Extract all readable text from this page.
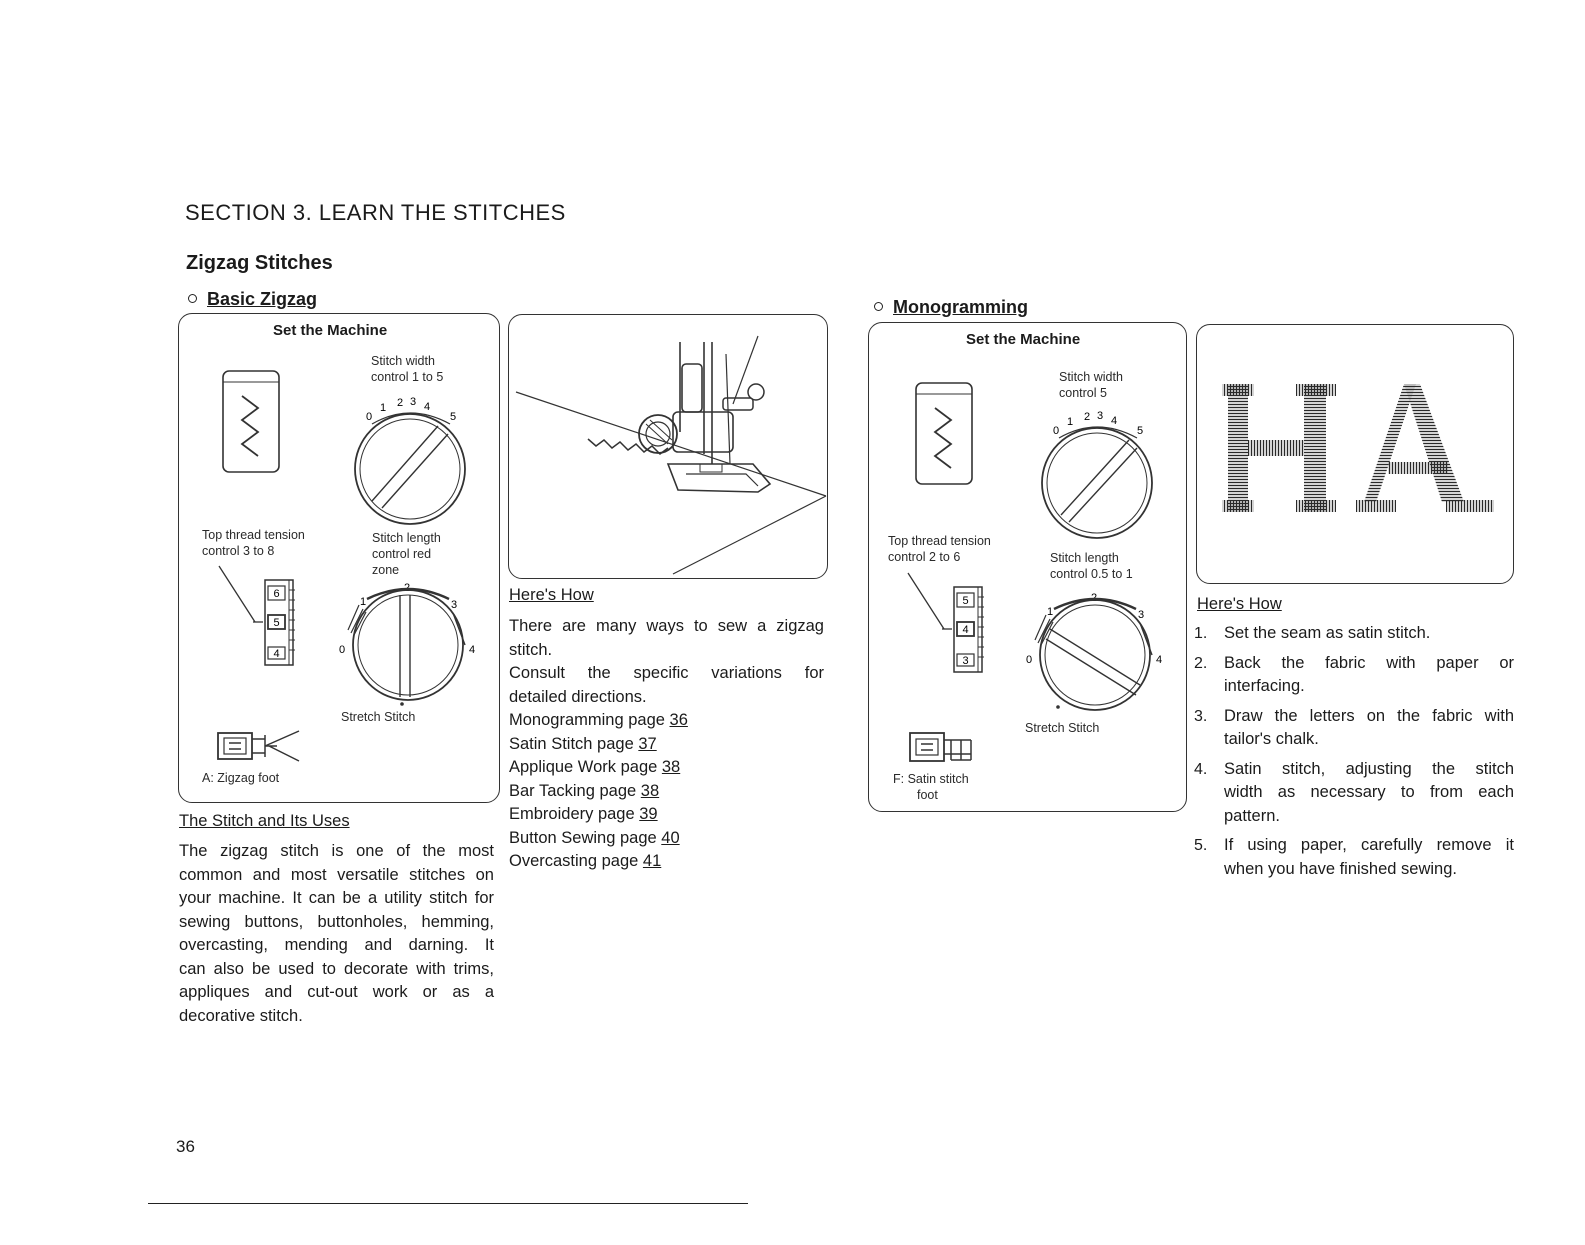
SECTION 3. LEARN THE STITCHES
Zigzag Stitches
Basic Zigzag
Set the Machine
Stitch width
control 1 to 5
0
1 2 3 4
5
Top thread tension
control 3 to 8
6
5
4
Stitch length
control red
zone
1
2
3
0	4
Stretch Stitch
A: Zigzag foot
The Stitch and Its Uses
The zigzag stitch is one of the most
common and most versatile stitches on
your machine. It can be a utility stitch for
sewing buttons, buttonholes, hemming,
overcasting, mending and darning. It
can also be used to decorate with trims,
appliques and cut-out work or as a
decorative stitch.
Here's How
There are many ways to sew a zigzag
stitch.
Consult the specific variations for
detailed directions.
Monogramming page 36
Satin Stitch page 37
Applique Work page 38
Bar Tacking page 38
Embroidery page 39
Button Sewing page 40
Overcasting page 41
Monogramming
Set the Machine
Stitch width
control 5
0
1 2 3 4
5
Top thread tension
control 2 to 6
5
4
3
Stitch length
control 0.5 to 1
1
2
3
0	4
Stretch Stitch
F: Satin stitch
foot
Here's How
1. Set the seam as satin stitch.
2. Back the fabric with paper or
interfacing.
3. Draw the letters on the fabric with
tailor's chalk.
4. Satin stitch, adjusting the stitch
width as necessary to from each
pattern.
5. If using paper, carefully remove it
when you have finished sewing.
36
